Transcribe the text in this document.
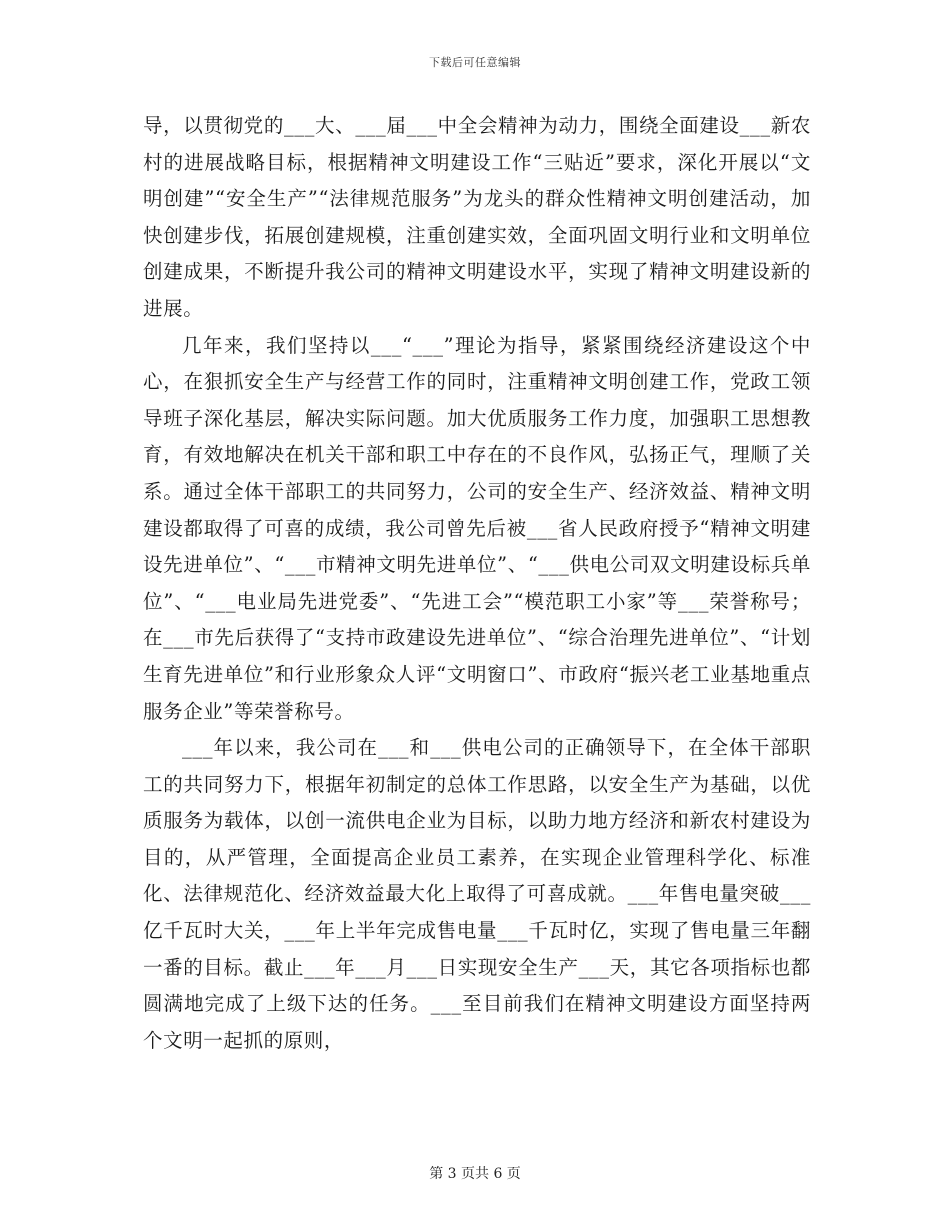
下载后可任意编辑

导，以贯彻党的___大、___届___中全会精神为动力，围绕全面建设___新农村的进展战略目标，根据精神文明建设工作“三贴近”要求，深化开展以“文明创建”“安全生产”“法律规范服务”为龙头的群众性精神文明创建活动，加快创建步伐，拓展创建规模，注重创建实效，全面巩固文明行业和文明单位创建成果，不断提升我公司的精神文明建设水平，实现了精神文明建设新的进展。

几年来，我们坚持以___“___”理论为指导，紧紧围绕经济建设这个中心，在狠抓安全生产与经营工作的同时，注重精神文明创建工作，党政工领导班子深化基层，解决实际问题。加大优质服务工作力度，加强职工思想教育，有效地解决在机关干部和职工中存在的不良作风，弘扬正气，理顺了关系。通过全体干部职工的共同努力，公司的安全生产、经济效益、精神文明建设都取得了可喜的成绩，我公司曾先后被___省人民政府授予“精神文明建设先进单位”、“___市精神文明先进单位”、“___供电公司双文明建设标兵单位”、“___电业局先进党委”、“先进工会”“模范职工小家”等___荣誉称号；在___市先后获得了“支持市政建设先进单位”、“综合治理先进单位”、“计划生育先进单位”和行业形象众人评“文明窗口”、市政府“振兴老工业基地重点服务企业”等荣誉称号。

___年以来，我公司在___和___供电公司的正确领导下，在全体干部职工的共同努力下，根据年初制定的总体工作思路，以安全生产为基础，以优质服务为载体，以创一流供电企业为目标，以助力地方经济和新农村建设为目的，从严管理，全面提高企业员工素养，在实现企业管理科学化、标准化、法律规范化、经济效益最大化上取得了可喜成就。___年售电量突破___亿千瓦时大关，___年上半年完成售电量___千瓦时亿，实现了售电量三年翻一番的目标。截止___年___月___日实现安全生产___天，其它各项指标也都圆满地完成了上级下达的任务。___至目前我们在精神文明建设方面坚持两个文明一起抓的原则，

第 3 页共 6 页
